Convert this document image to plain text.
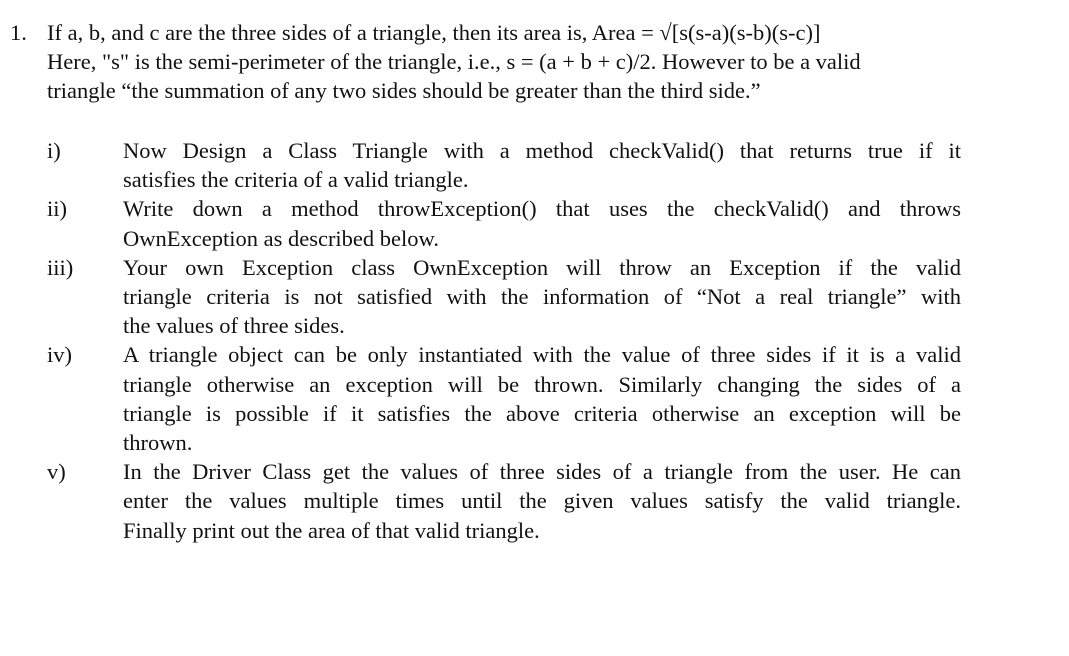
1. If a, b, and c are the three sides of a triangle, then its area is, Area = √[s(s-a)(s-b)(s-c)]
Here, "s" is the semi-perimeter of the triangle, i.e., s = (a + b + c)/2. However to be a valid
triangle “the summation of any two sides should be greater than the third side.”
i)	Now Design a Class Triangle with a method checkValid() that returns true if it
satisfies the criteria of a valid triangle.
ii) Write down a method throwException() that uses the checkValid() and throws
OwnException as described below.
iii) Your own Exception class OwnException will throw an Exception if the valid
triangle criteria is not satisfied with the information of “Not a real triangle” with
the values of three sides.
iv) A triangle object can be only instantiated with the value of three sides if it is a valid
triangle otherwise an exception will be thrown. Similarly changing the sides of a
triangle is possible if it satisfies the above criteria otherwise an exception will be
thrown.
v)	In the Driver Class get the values of three sides of a triangle from the user. He can
enter the values multiple times until the given values satisfy the valid triangle.
Finally print out the area of that valid triangle.
